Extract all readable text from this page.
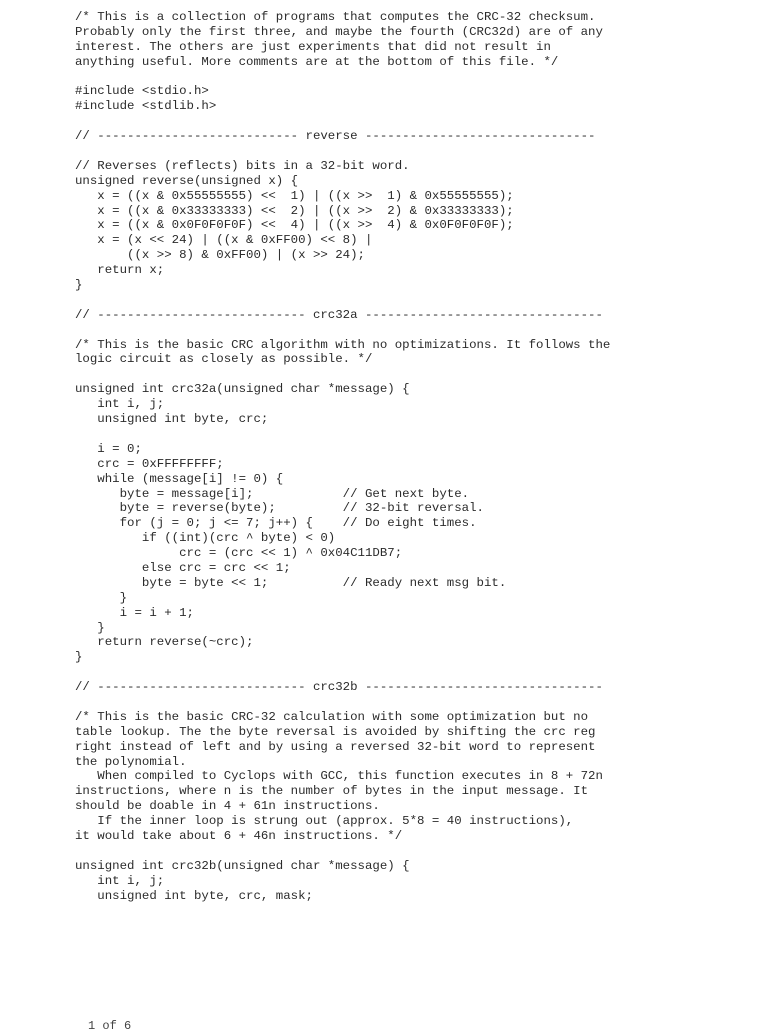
/* This is a collection of programs that computes the CRC-32 checksum.
Probably only the first three, and maybe the fourth (CRC32d) are of any
interest. The others are just experiments that did not result in
anything useful. More comments are at the bottom of this file. */
#include <stdio.h>
#include <stdlib.h>
// --------------------------- reverse -------------------------------
// Reverses (reflects) bits in a 32-bit word.
unsigned reverse(unsigned x) {
x = ((x & 0x55555555) <<  1) | ((x >>  1) & 0x55555555);
x = ((x & 0x33333333) <<  2) | ((x >>  2) & 0x33333333);
x = ((x & 0x0F0F0F0F) <<  4) | ((x >>  4) & 0x0F0F0F0F);
x = (x << 24) | ((x & 0xFF00) << 8) |
((x >> 8) & 0xFF00) | (x >> 24);
return x;
}
// ---------------------------- crc32a --------------------------------
/* This is the basic CRC algorithm with no optimizations. It follows the
logic circuit as closely as possible. */
unsigned int crc32a(unsigned char *message) {
int i, j;
unsigned int byte, crc;
i = 0;
crc = 0xFFFFFFFF;
while (message[i] != 0) {
byte = message[i];            // Get next byte.
byte = reverse(byte);         // 32-bit reversal.
for (j = 0; j <= 7; j++) {    // Do eight times.
if ((int)(crc ^ byte) < 0)
crc = (crc << 1) ^ 0x04C11DB7;
else crc = crc << 1;
byte = byte << 1;          // Ready next msg bit.
}
i = i + 1;
}
return reverse(~crc);
}
// ---------------------------- crc32b --------------------------------
/* This is the basic CRC-32 calculation with some optimization but no
table lookup. The the byte reversal is avoided by shifting the crc reg
right instead of left and by using a reversed 32-bit word to represent
the polynomial.
When compiled to Cyclops with GCC, this function executes in 8 + 72n
instructions, where n is the number of bytes in the input message. It
should be doable in 4 + 61n instructions.
If the inner loop is strung out (approx. 5*8 = 40 instructions),
it would take about 6 + 46n instructions. */
unsigned int crc32b(unsigned char *message) {
int i, j;
unsigned int byte, crc, mask;
1 of 6
